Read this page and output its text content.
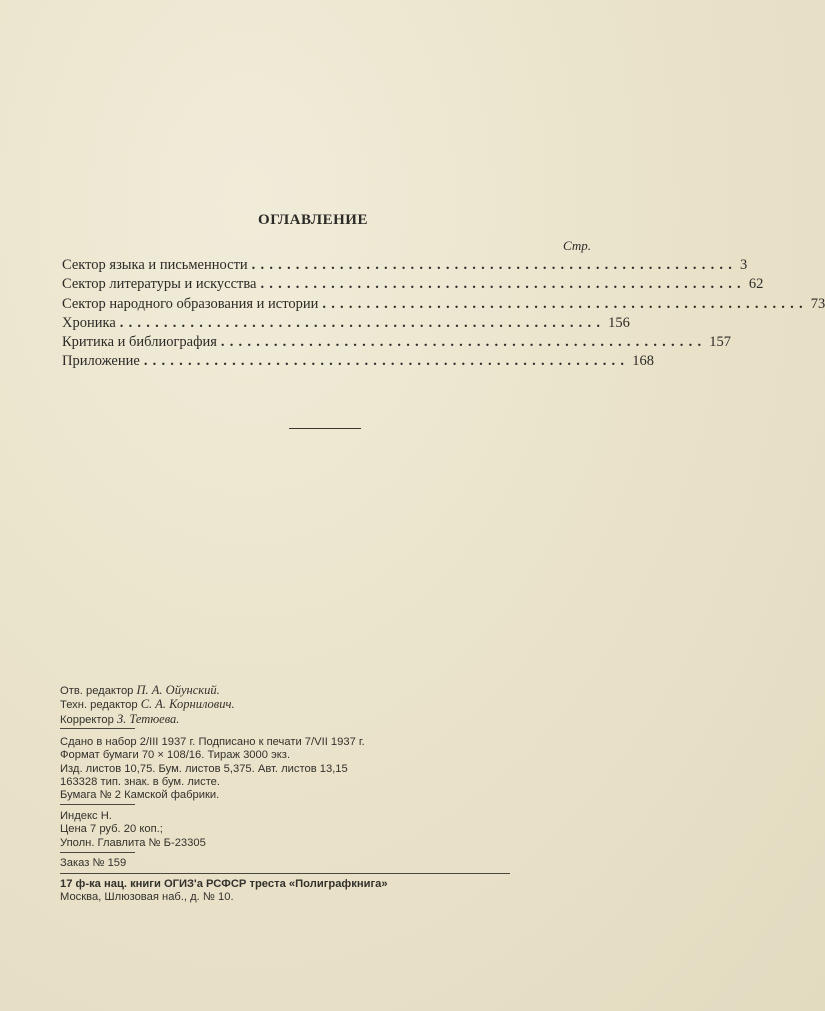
ОГЛАВЛЕНИЕ
Стр.
Сектор языка и письменности ....................................................... 3
Сектор литературы и искусства ....................................................... 62
Сектор народного образования и истории ....................................................... 73
Хроника ....................................................... 156
Критика и библиография ....................................................... 157
Приложение ....................................................... 168
Отв. редактор П. А. Ойунский.
Техн. редактор С. А. Корнилович.
Корректор З. Тетюева.
Сдано в набор 2/III 1937 г. Подписано к печати 7/VII 1937 г.
Формат бумаги 70 × 108/16. Тираж 3000 экз.
Изд. листов 10,75. Бум. листов 5,375. Авт. листов 13,15
163328 тип. знак. в бум. листе.
Бумага № 2 Камской фабрики.
Индекс Н.
Цена 7 руб. 20 коп.;
Уполн. Главлита № Б-23305
Заказ № 159
17 ф-ка нац. книги ОГИЗ'а РСФСР треста «Полиграфкнига»
Москва, Шлюзовая наб., д. № 10.
